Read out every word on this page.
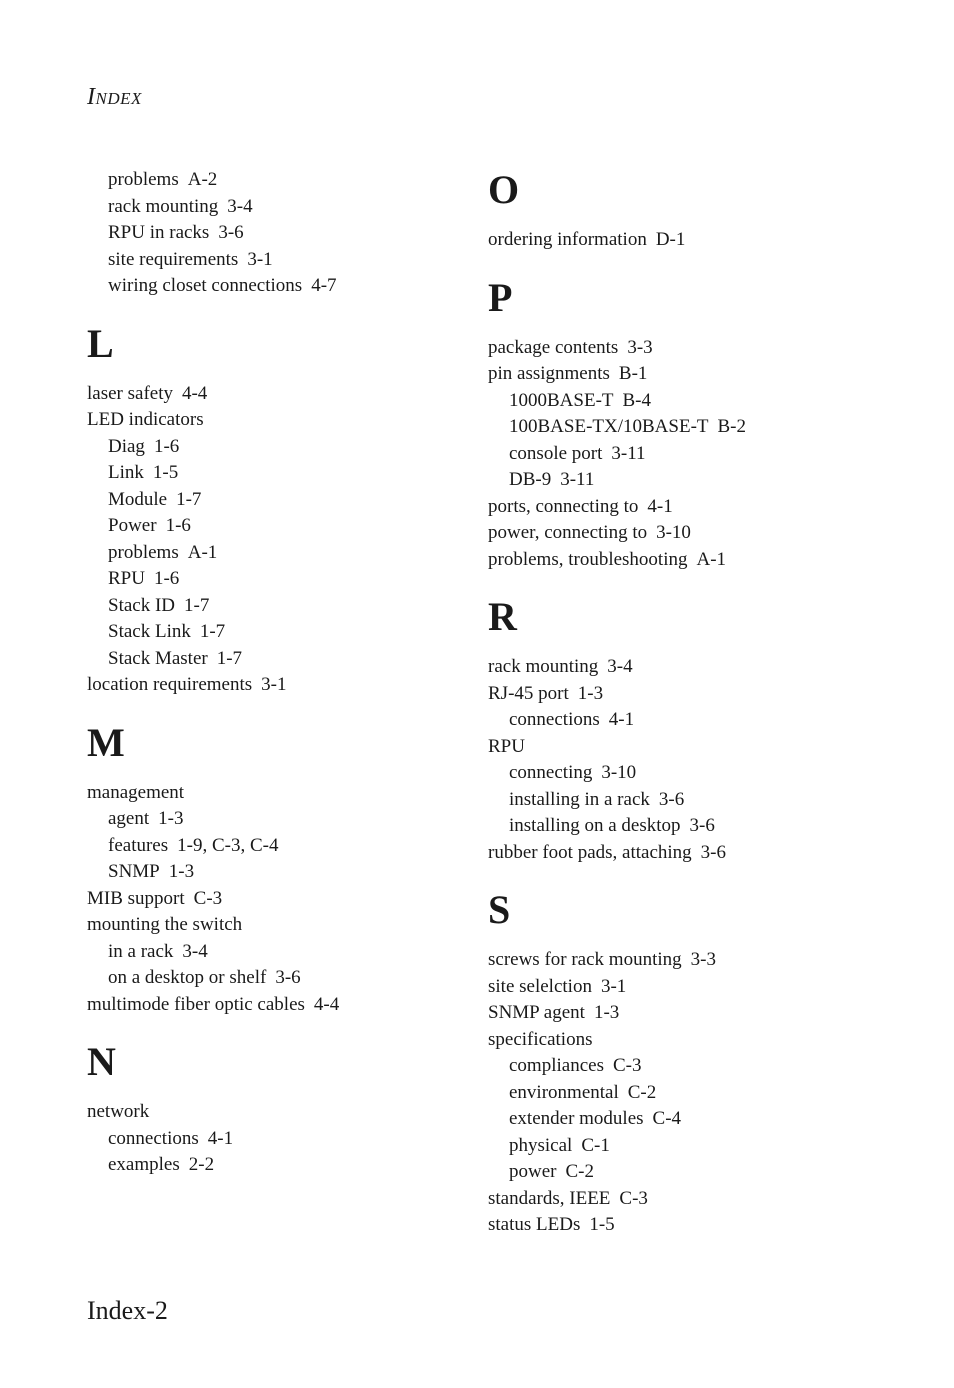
Index
problems A-2
rack mounting 3-4
RPU in racks 3-6
site requirements 3-1
wiring closet connections 4-7
L
laser safety 4-4
LED indicators
Diag 1-6
Link 1-5
Module 1-7
Power 1-6
problems A-1
RPU 1-6
Stack ID 1-7
Stack Link 1-7
Stack Master 1-7
location requirements 3-1
M
management
agent 1-3
features 1-9, C-3, C-4
SNMP 1-3
MIB support C-3
mounting the switch
in a rack 3-4
on a desktop or shelf 3-6
multimode fiber optic cables 4-4
N
network
connections 4-1
examples 2-2
O
ordering information D-1
P
package contents 3-3
pin assignments B-1
1000BASE-T B-4
100BASE-TX/10BASE-T B-2
console port 3-11
DB-9 3-11
ports, connecting to 4-1
power, connecting to 3-10
problems, troubleshooting A-1
R
rack mounting 3-4
RJ-45 port 1-3
connections 4-1
RPU
connecting 3-10
installing in a rack 3-6
installing on a desktop 3-6
rubber foot pads, attaching 3-6
S
screws for rack mounting 3-3
site selelction 3-1
SNMP agent 1-3
specifications
compliances C-3
environmental C-2
extender modules C-4
physical C-1
power C-2
standards, IEEE C-3
status LEDs 1-5
Index-2
